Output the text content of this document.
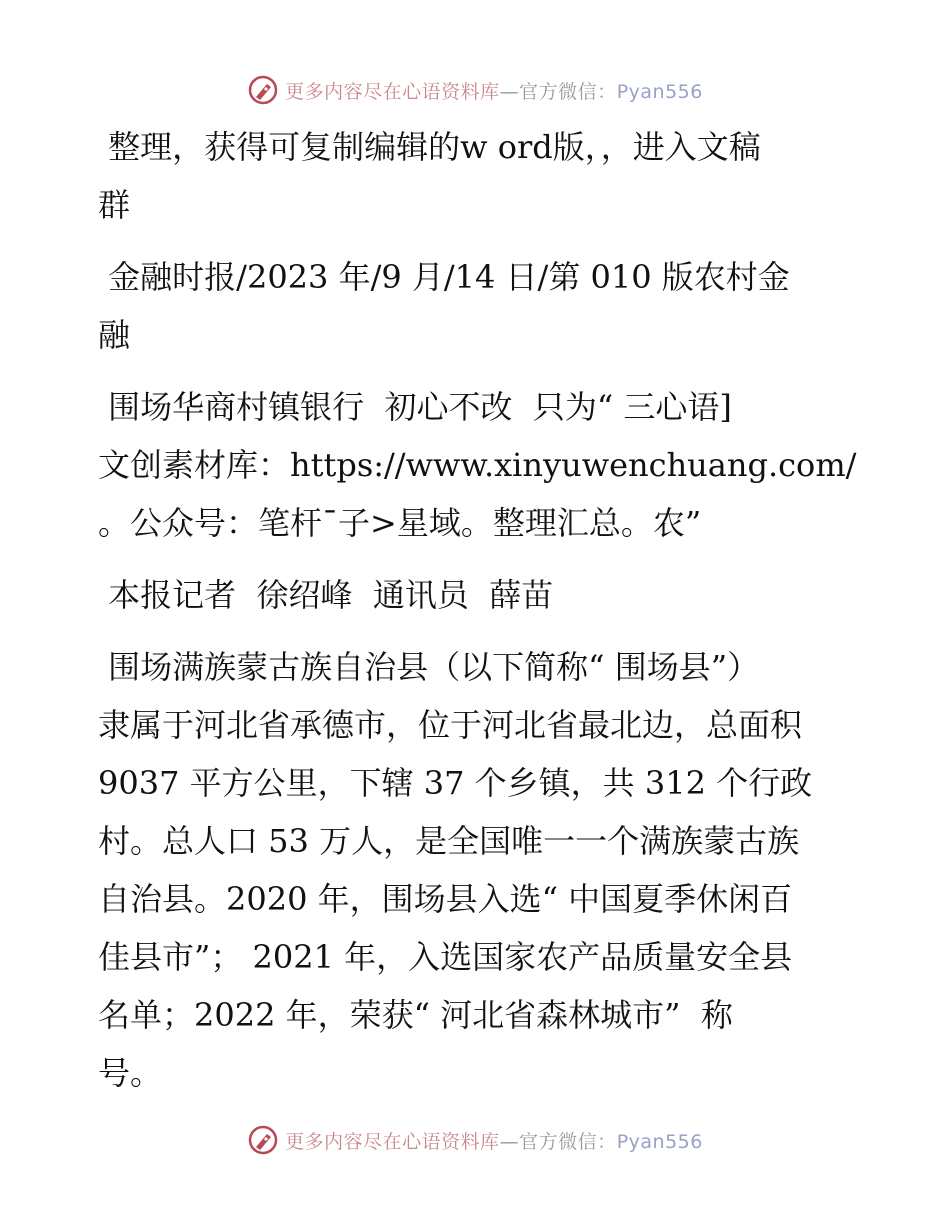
更多内容尽在心语资料库—官方微信：Pyan556

整理，获得可复制编辑的w ord版，，进入文稿
群

金融时报/2023 年/9 月/14 日/第 010 版农村金
融

围场华商村镇银行  初心不改  只为“ 三心语]
文创素材库：https://www.xinyuwenchuang.com/
。公众号：笔杆¯子>星域。整理汇总。农”

本报记者  徐绍峰  通讯员  薛苗

围场满族蒙古族自治县（以下简称“ 围场县”）
隶属于河北省承德市，位于河北省最北边，总面积
9037 平方公里，下辖 37 个乡镇，共 312 个行政
村。总人口 53 万人，是全国唯一一个满族蒙古族
自治县。2020 年，围场县入选“ 中国夏季休闲百
佳县市”； 2021 年，入选国家农产品质量安全县
名单；2022 年，荣获“ 河北省森林城市”  称
号。

更多内容尽在心语资料库—官方微信：Pyan556
